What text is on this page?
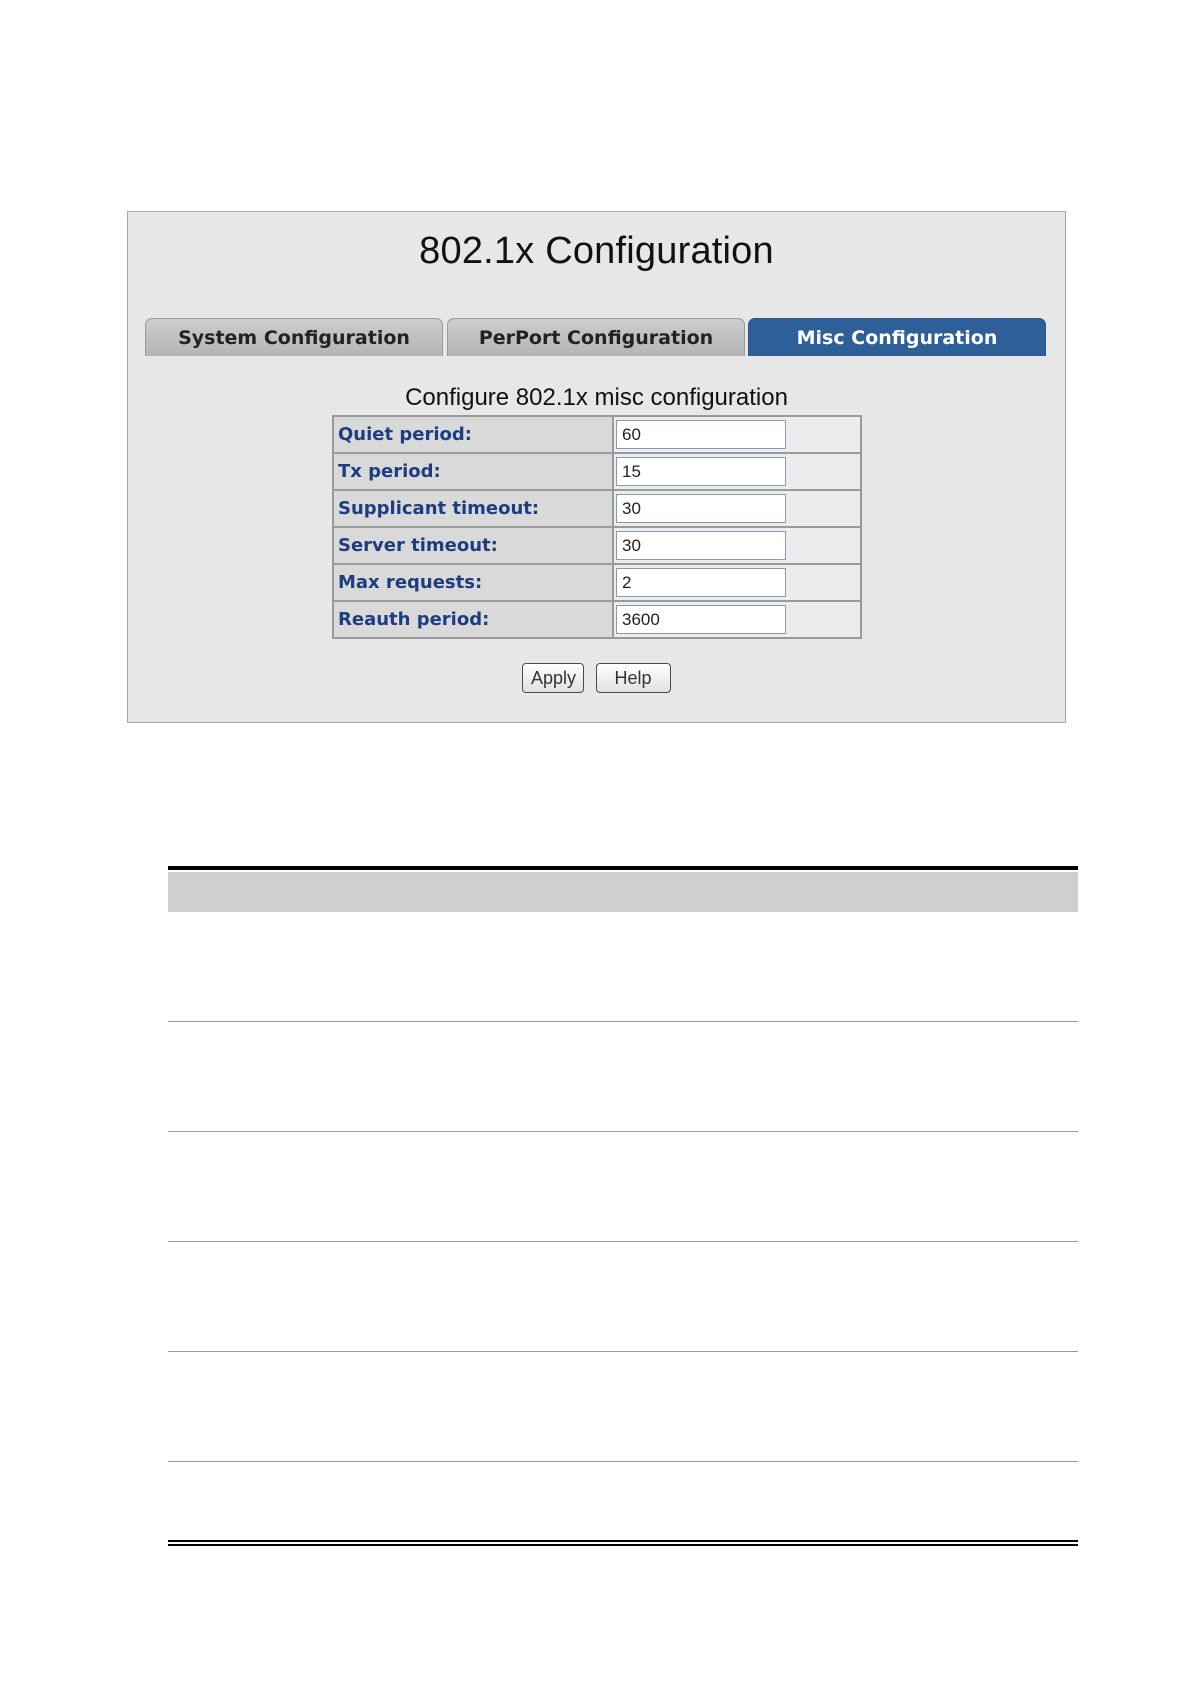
802.1x Configuration
System Configuration	PerPort Configuration	Misc Configuration
Configure 802.1x misc configuration
Quiet period:	60
Tx period:	15
Supplicant timeout:	30
Server timeout:	30
Max requests:	2
Reauth period:	3600
Apply Help
